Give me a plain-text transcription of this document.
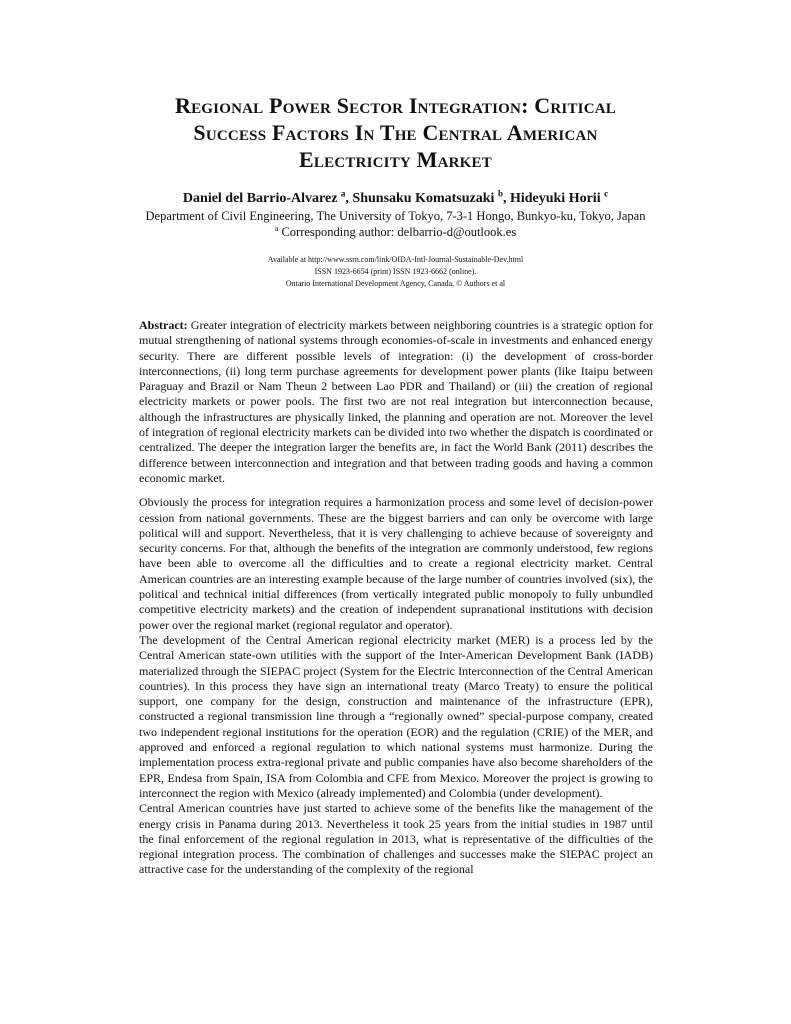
Regional Power Sector Integration: Critical
Success Factors In The Central American
Electricity Market

Daniel del Barrio-Alvarez $^a$, Shunsaku Komatsuzaki $^b$, Hideyuki Horii $^c$

Department of Civil Engineering, The University of Tokyo, 7-3-1 Hongo, Bunkyo-ku, Tokyo, Japan
$^a$ Corresponding author: delbarrio-d@outlook.es
Available at http://www.ssrn.com/link/OIDA-Intl-Journal-Sustainable-Dev.html
ISSN 1923-6654 (print) ISSN 1923-6662 (online).
Ontario International Development Agency, Canada. © Authors et al

Abstract: Greater integration of electricity markets between neighboring countries is a strategic option for mutual strengthening of national systems through economies-of-scale in investments and enhanced energy security. There are different possible levels of integration: (i) the development of cross-border interconnections, (ii) long term purchase agreements for development power plants (like Itaipu between Paraguay and Brazil or Nam Theun 2 between Lao PDR and Thailand) or (iii) the creation of regional electricity markets or power pools. The first two are not real integration but interconnection because, although the infrastructures are physically linked, the planning and operation are not. Moreover the level of integration of regional electricity markets can be divided into two whether the dispatch is coordinated or centralized. The deeper the integration larger the benefits are, in fact the World Bank (2011) describes the difference between interconnection and integration and that between trading goods and having a common economic market.

Obviously the process for integration requires a harmonization process and some level of decision-power cession from national governments. These are the biggest barriers and can only be overcome with large political will and support. Nevertheless, that it is very challenging to achieve because of sovereignty and security concerns. For that, although the benefits of the integration are commonly understood, few regions have been able to overcome all the difficulties and to create a regional electricity market. Central American countries are an interesting example because of the large number of countries involved (six), the political and technical initial differences (from vertically integrated public monopoly to fully unbundled competitive electricity markets) and the creation of independent supranational institutions with decision power over the regional market (regional regulator and operator).

The development of the Central American regional electricity market (MER) is a process led by the Central American state-own utilities with the support of the Inter-American Development Bank (IADB) materialized through the SIEPAC project (System for the Electric Interconnection of the Central American countries). In this process they have sign an international treaty (Marco Treaty) to ensure the political support, one company for the design, construction and maintenance of the infrastructure (EPR), constructed a regional transmission line through a “regionally owned” special-purpose company, created two independent regional institutions for the operation (EOR) and the regulation (CRIE) of the MER, and approved and enforced a regional regulation to which national systems must harmonize. During the implementation process extra-regional private and public companies have also become shareholders of the EPR, Endesa from Spain, ISA from Colombia and CFE from Mexico. Moreover the project is growing to interconnect the region with Mexico (already implemented) and Colombia (under development).

Central American countries have just started to achieve some of the benefits like the management of the energy crisis in Panama during 2013. Nevertheless it took 25 years from the initial studies in 1987 until the final enforcement of the regional regulation in 2013, what is representative of the difficulties of the regional integration process. The combination of challenges and successes make the SIEPAC project an attractive case for the understanding of the complexity of the regional
